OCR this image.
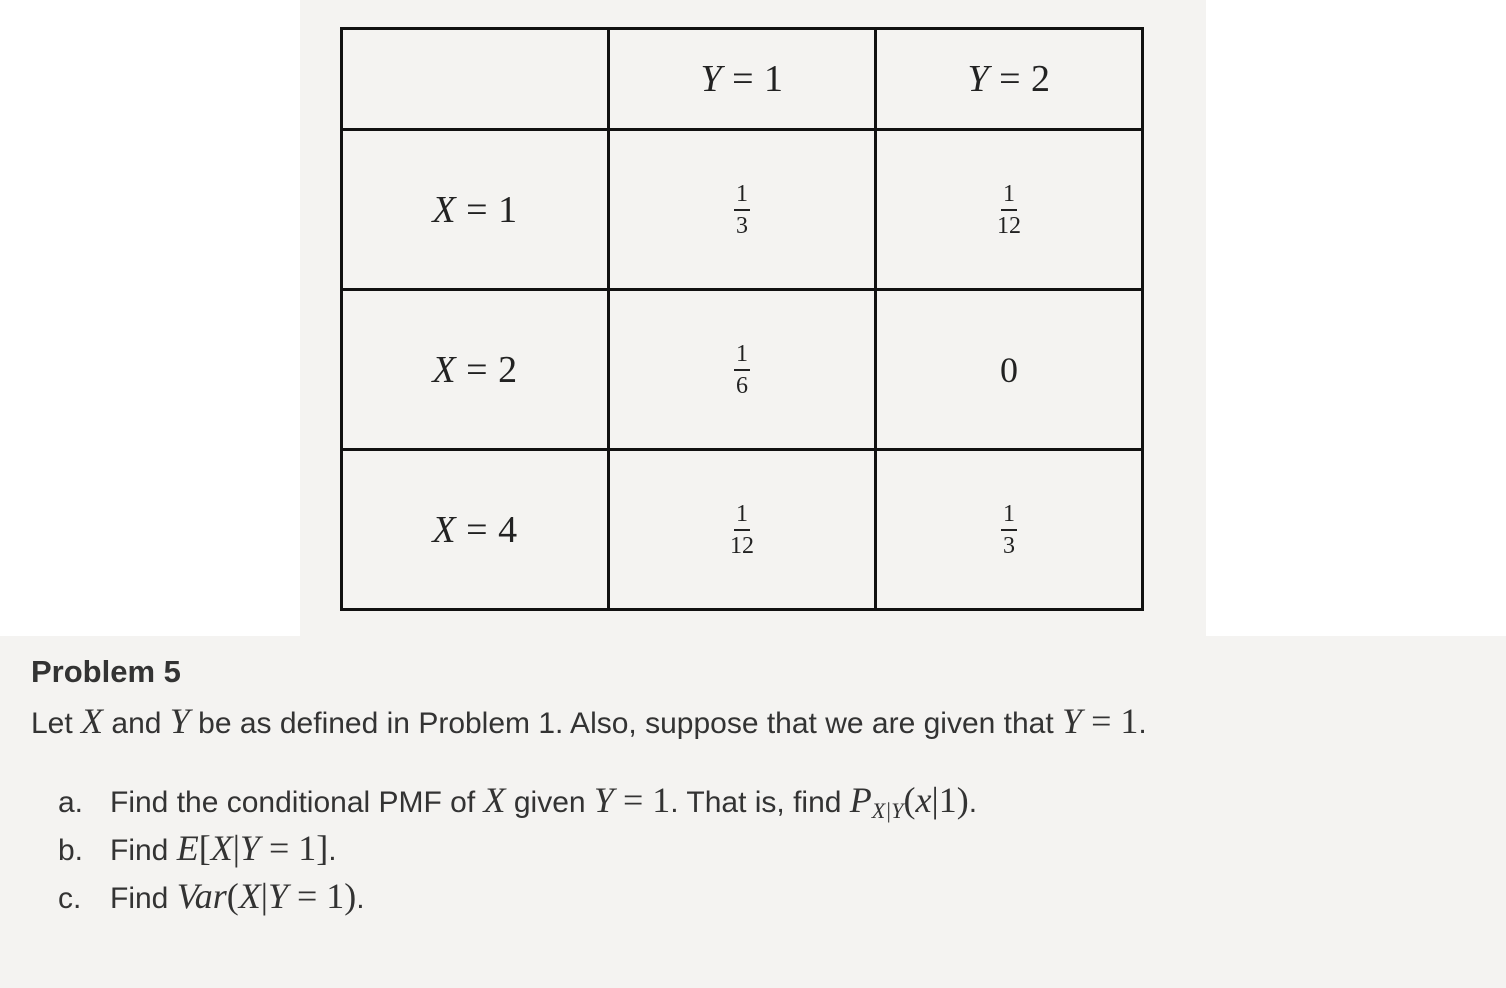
	Y = 1	Y = 2
X = 1	$\frac{1}{3}$	$\frac{1}{12}$

X = 2	$\frac{1}{6}$	0
X = 4	$\frac{1}{12}$	$\frac{1}{3}$
Problem 5
Let X and Y be as defined in Problem 1. Also, suppose that we are given that Y = 1.
a. Find the conditional PMF of X given Y = 1. That is, find $P_{X|Y}(x|1)$.
b. Find E[X|Y = 1].
c. Find Var(X|Y = 1).
